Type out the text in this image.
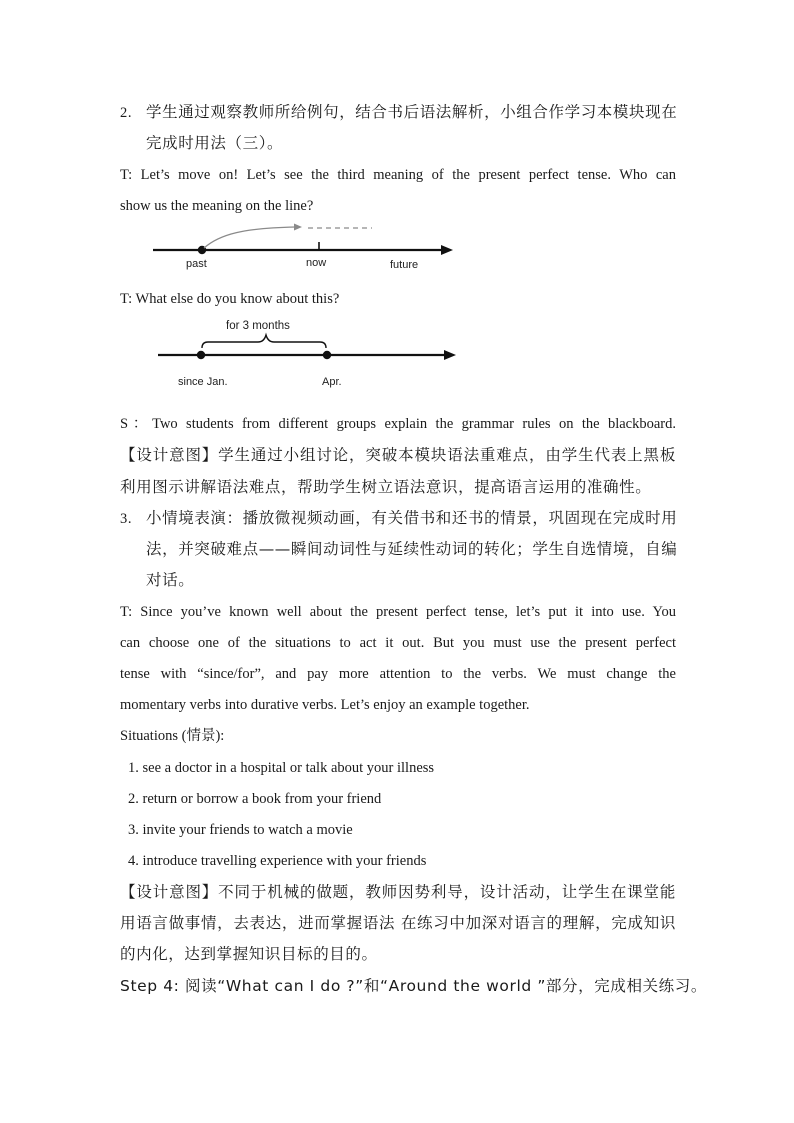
2. 学生通过观察教师所给例句，结合书后语法解析，小组合作学习本模块现在
完成时用法（三）。
T: Let’s move on! Let’s see the third meaning of the present perfect tense. Who can
show us the meaning on the line?
past	now	future
T: What else do you know about this?
for 3 months
since Jan.	Apr.
S：Two students from different groups explain the grammar rules on the blackboard.
【设计意图】学生通过小组讨论，突破本模块语法重难点，由学生代表上黑板
利用图示讲解语法难点，帮助学生树立语法意识，提高语言运用的准确性。
3. 小情境表演：播放微视频动画，有关借书和还书的情景，巩固现在完成时用
法，并突破难点——瞬间动词性与延续性动词的转化；学生自选情境，自编
对话。
T: Since you’ve known well about the present perfect tense, let’s put it into use. You
can choose one of the situations to act it out. But you must use the present perfect
tense with “since/for”, and pay more attention to the verbs. We must change the
momentary verbs into durative verbs. Let’s enjoy an example together.
Situations (情景):
1. see a doctor in a hospital or talk about your illness
2. return or borrow a book from your friend
3. invite your friends to watch a movie
4. introduce travelling experience with your friends
【设计意图】不同于机械的做题，教师因势利导，设计活动，让学生在课堂能
用语言做事情，去表达，进而掌握语法 在练习中加深对语言的理解，完成知识
的内化，达到掌握知识目标的目的。
Step 4: 阅读“What can I do ?”和“Around the world ”部分，完成相关练习。
